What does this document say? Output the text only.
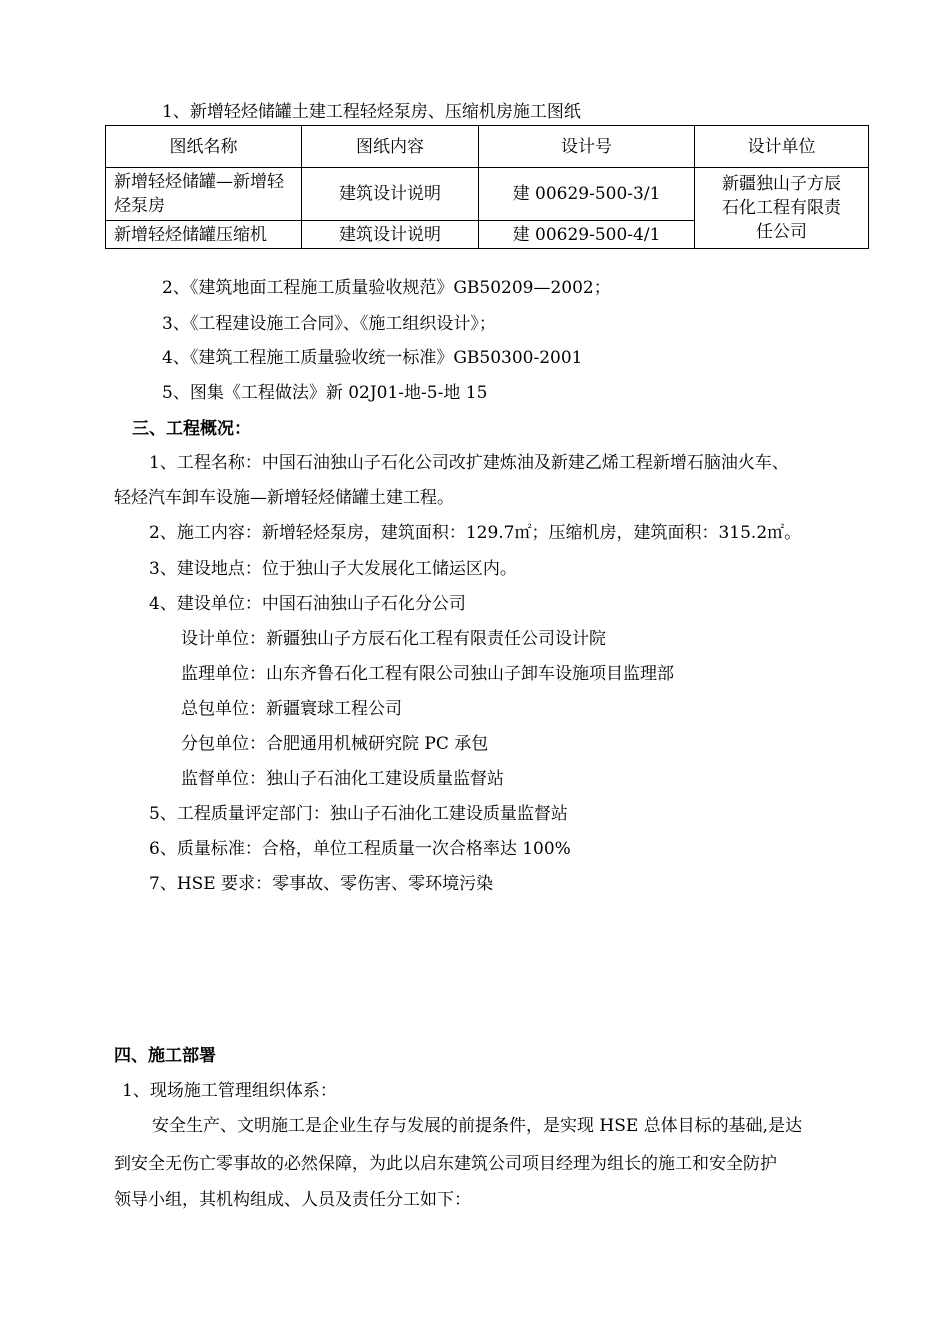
1、新增轻烃储罐土建工程轻烃泵房、压缩机房施工图纸
图纸名称	图纸内容	设计号	设计单位
新增轻烃储罐—新增轻烃泵房	建筑设计说明	建 00629-500-3/1	新疆独山子方辰石化工程有限责任公司
新增轻烃储罐压缩机	建筑设计说明	建 00629-500-4/1	
2、《建筑地面工程施工质量验收规范》GB50209—2002；
3、《工程建设施工合同》、《施工组织设计》；
4、《建筑工程施工质量验收统一标准》GB50300-2001
5、图集《工程做法》新 02J01-地-5-地 15
三、工程概况：
1、工程名称：中国石油独山子石化公司改扩建炼油及新建乙烯工程新增石脑油火车、
轻烃汽车卸车设施—新增轻烃储罐土建工程。
2、施工内容：新增轻烃泵房，建筑面积：129.7㎡；压缩机房，建筑面积：315.2㎡。
3、建设地点：位于独山子大发展化工储运区内。
4、建设单位：中国石油独山子石化分公司
设计单位：新疆独山子方辰石化工程有限责任公司设计院
监理单位：山东齐鲁石化工程有限公司独山子卸车设施项目监理部
总包单位：新疆寰球工程公司
分包单位：合肥通用机械研究院 PC 承包
监督单位：独山子石油化工建设质量监督站
5、工程质量评定部门：独山子石油化工建设质量监督站
6、质量标准：合格，单位工程质量一次合格率达 100%
7、HSE 要求：零事故、零伤害、零环境污染
四、施工部署
1、现场施工管理组织体系：
安全生产、文明施工是企业生存与发展的前提条件，是实现 HSE 总体目标的基础,是达
到安全无伤亡零事故的必然保障，为此以启东建筑公司项目经理为组长的施工和安全防护
领导小组，其机构组成、人员及责任分工如下：
